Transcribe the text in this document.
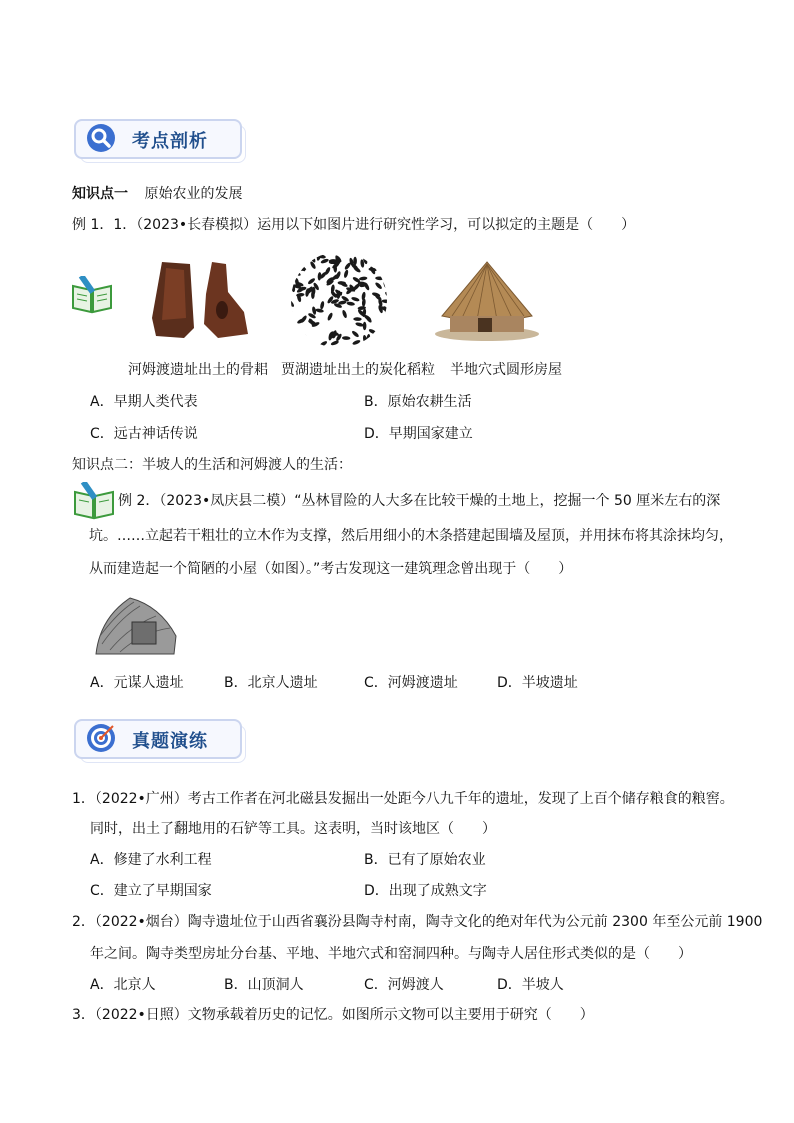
考点剖析
知识点一 原始农业的发展
例 1．1．（2023•长春模拟）运用以下如图片进行研究性学习，可以拟定的主题是（　　）
河姆渡遗址出土的骨耜 贾湖遗址出土的炭化稻粒 半地穴式圆形房屋
A．早期人类代表	B．原始农耕生活
C．远古神话传说	D．早期国家建立
知识点二：半坡人的生活和河姆渡人的生活：
例 2．（2023•凤庆县二模）“丛林冒险的人大多在比较干燥的土地上，挖掘一个 50 厘米左右的深
坑。……立起若干粗壮的立木作为支撑，然后用细小的木条搭建起围墙及屋顶，并用抹布将其涂抹均匀，
从而建造起一个简陋的小屋（如图）。”考古发现这一建筑理念曾出现于（　　）
A．元谋人遗址	B．北京人遗址	C．河姆渡遗址	D．半坡遗址
真题演练
1．（2022•广州）考古工作者在河北磁县发掘出一处距今八九千年的遗址，发现了上百个储存粮食的粮窖。
同时，出土了翻地用的石铲等工具。这表明，当时该地区（　　）
A．修建了水利工程	B．已有了原始农业
C．建立了早期国家	D．出现了成熟文字
2．（2022•烟台）陶寺遗址位于山西省襄汾县陶寺村南，陶寺文化的绝对年代为公元前 2300 年至公元前 1900
年之间。陶寺类型房址分台基、平地、半地穴式和窑洞四种。与陶寺人居住形式类似的是（　　）
A．北京人	B．山顶洞人	C．河姆渡人	D．半坡人
3．（2022•日照）文物承载着历史的记忆。如图所示文物可以主要用于研究（　　）
